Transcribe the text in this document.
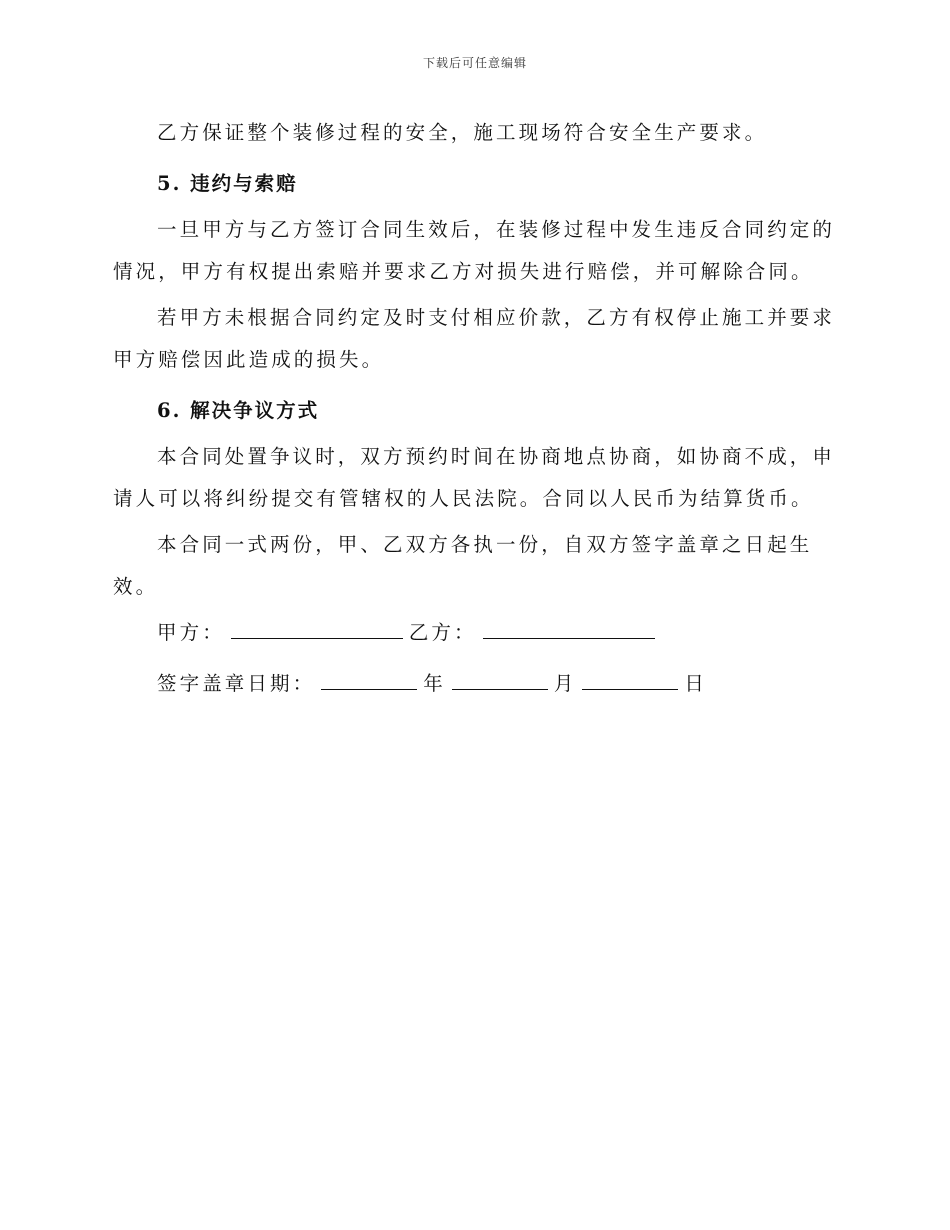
下载后可任意编辑

乙方保证整个装修过程的安全，施工现场符合安全生产要求。

5. 违约与索赔

一旦甲方与乙方签订合同生效后，在装修过程中发生违反合同约定的情况，甲方有权提出索赔并要求乙方对损失进行赔偿，并可解除合同。

若甲方未根据合同约定及时支付相应价款，乙方有权停止施工并要求甲方赔偿因此造成的损失。

6. 解决争议方式

本合同处置争议时，双方预约时间在协商地点协商，如协商不成，申请人可以将纠纷提交有管辖权的人民法院。合同以人民币为结算货币。

本合同一式两份，甲、乙双方各执一份，自双方签字盖章之日起生效。

甲方：	乙方：
签字盖章日期：	年	月	日
